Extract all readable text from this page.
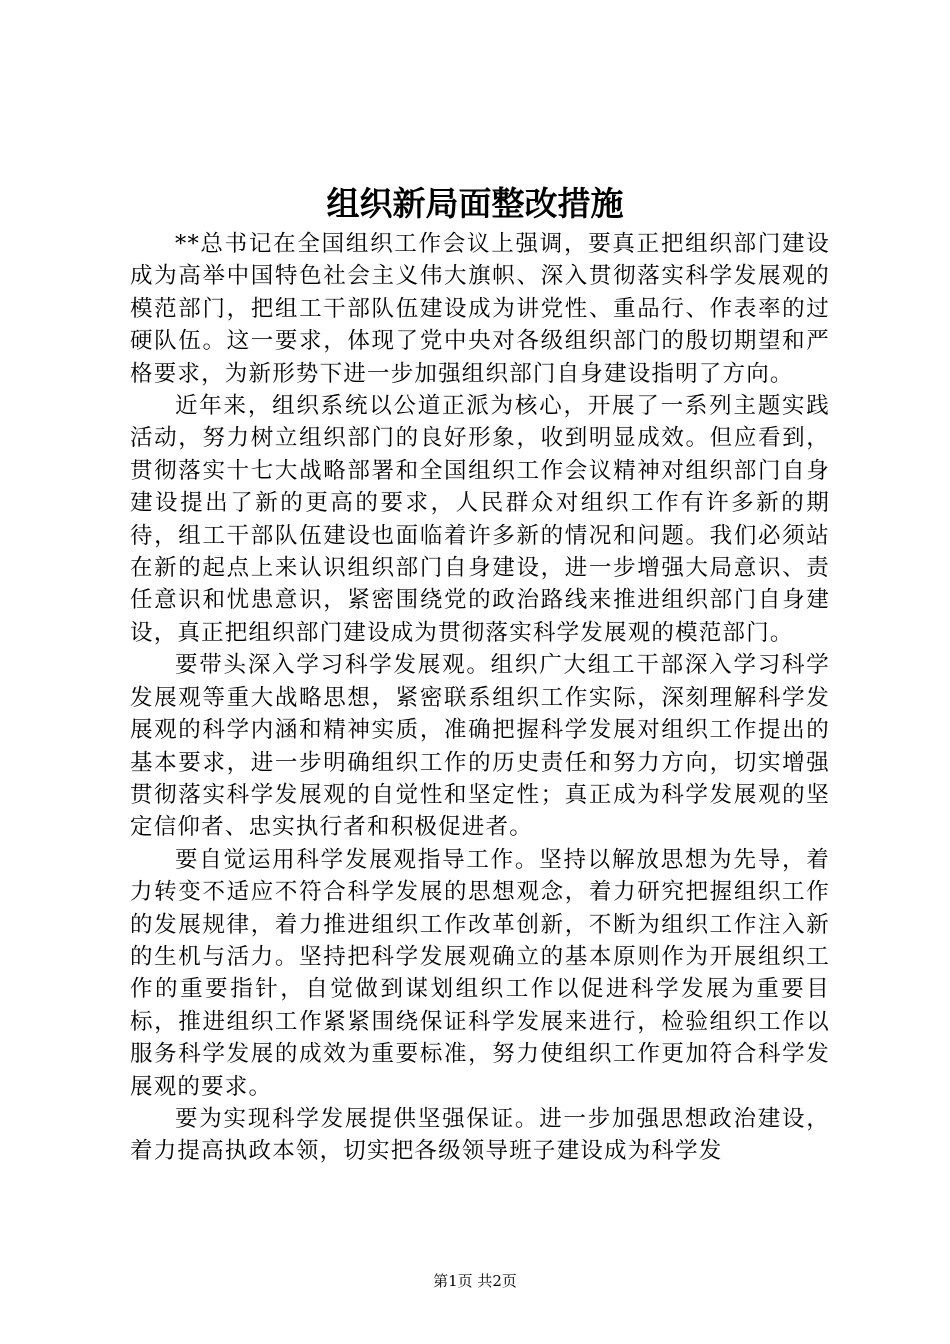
组织新局面整改措施

**总书记在全国组织工作会议上强调，要真正把组织部门建设成为高举中国特色社会主义伟大旗帜、深入贯彻落实科学发展观的模范部门，把组工干部队伍建设成为讲党性、重品行、作表率的过硬队伍。这一要求，体现了党中央对各级组织部门的殷切期望和严格要求，为新形势下进一步加强组织部门自身建设指明了方向。

近年来，组织系统以公道正派为核心，开展了一系列主题实践活动，努力树立组织部门的良好形象，收到明显成效。但应看到，贯彻落实十七大战略部署和全国组织工作会议精神对组织部门自身建设提出了新的更高的要求，人民群众对组织工作有许多新的期待，组工干部队伍建设也面临着许多新的情况和问题。我们必须站在新的起点上来认识组织部门自身建设，进一步增强大局意识、责任意识和忧患意识，紧密围绕党的政治路线来推进组织部门自身建设，真正把组织部门建设成为贯彻落实科学发展观的模范部门。

要带头深入学习科学发展观。组织广大组工干部深入学习科学发展观等重大战略思想，紧密联系组织工作实际，深刻理解科学发展观的科学内涵和精神实质，准确把握科学发展对组织工作提出的基本要求，进一步明确组织工作的历史责任和努力方向，切实增强贯彻落实科学发展观的自觉性和坚定性；真正成为科学发展观的坚定信仰者、忠实执行者和积极促进者。

要自觉运用科学发展观指导工作。坚持以解放思想为先导，着力转变不适应不符合科学发展的思想观念，着力研究把握组织工作的发展规律，着力推进组织工作改革创新，不断为组织工作注入新的生机与活力。坚持把科学发展观确立的基本原则作为开展组织工作的重要指针，自觉做到谋划组织工作以促进科学发展为重要目标，推进组织工作紧紧围绕保证科学发展来进行，检验组织工作以服务科学发展的成效为重要标准，努力使组织工作更加符合科学发展观的要求。

要为实现科学发展提供坚强保证。进一步加强思想政治建设，着力提高执政本领，切实把各级领导班子建设成为科学发

第1页 共2页
